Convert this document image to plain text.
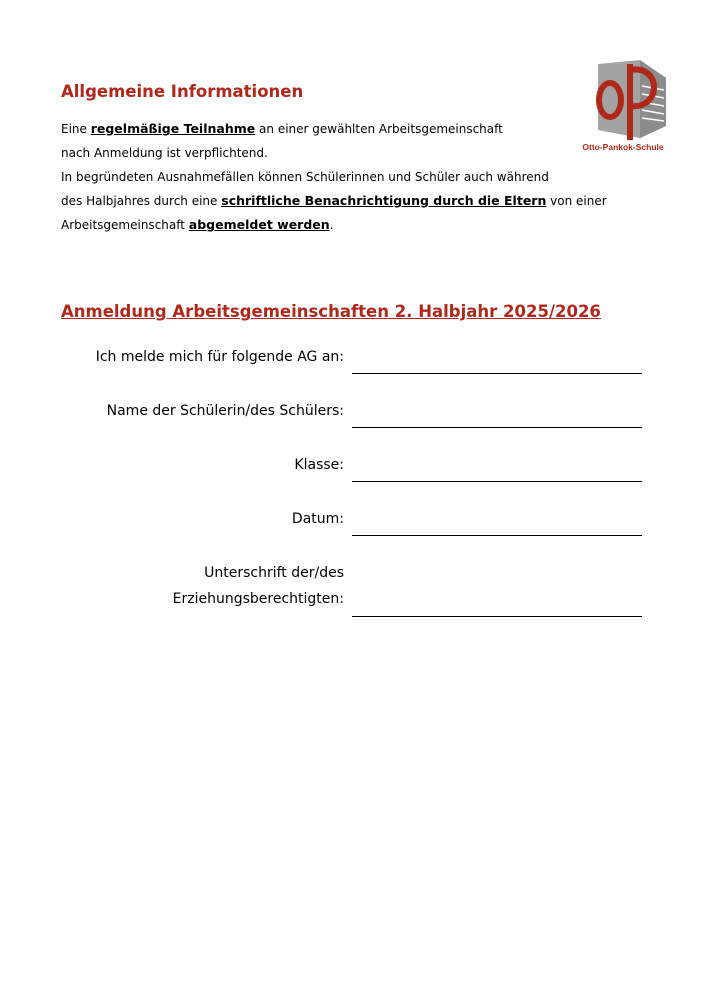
Allgemeine Informationen
Otto-Pankok-Schule
Eine regelmäßige Teilnahme an einer gewählten Arbeitsgemeinschaft
nach Anmeldung ist verpflichtend.
In begründeten Ausnahmefällen können Schülerinnen und Schüler auch während
des Halbjahres durch eine schriftliche Benachrichtigung durch die Eltern von einer
Arbeitsgemeinschaft abgemeldet werden.
Anmeldung Arbeitsgemeinschaften 2. Halbjahr 2025/2026
Ich melde mich für folgende AG an:
Name der Schülerin/des Schülers:
Klasse:
Datum:
Unterschrift der/des
Erziehungsberechtigten:
